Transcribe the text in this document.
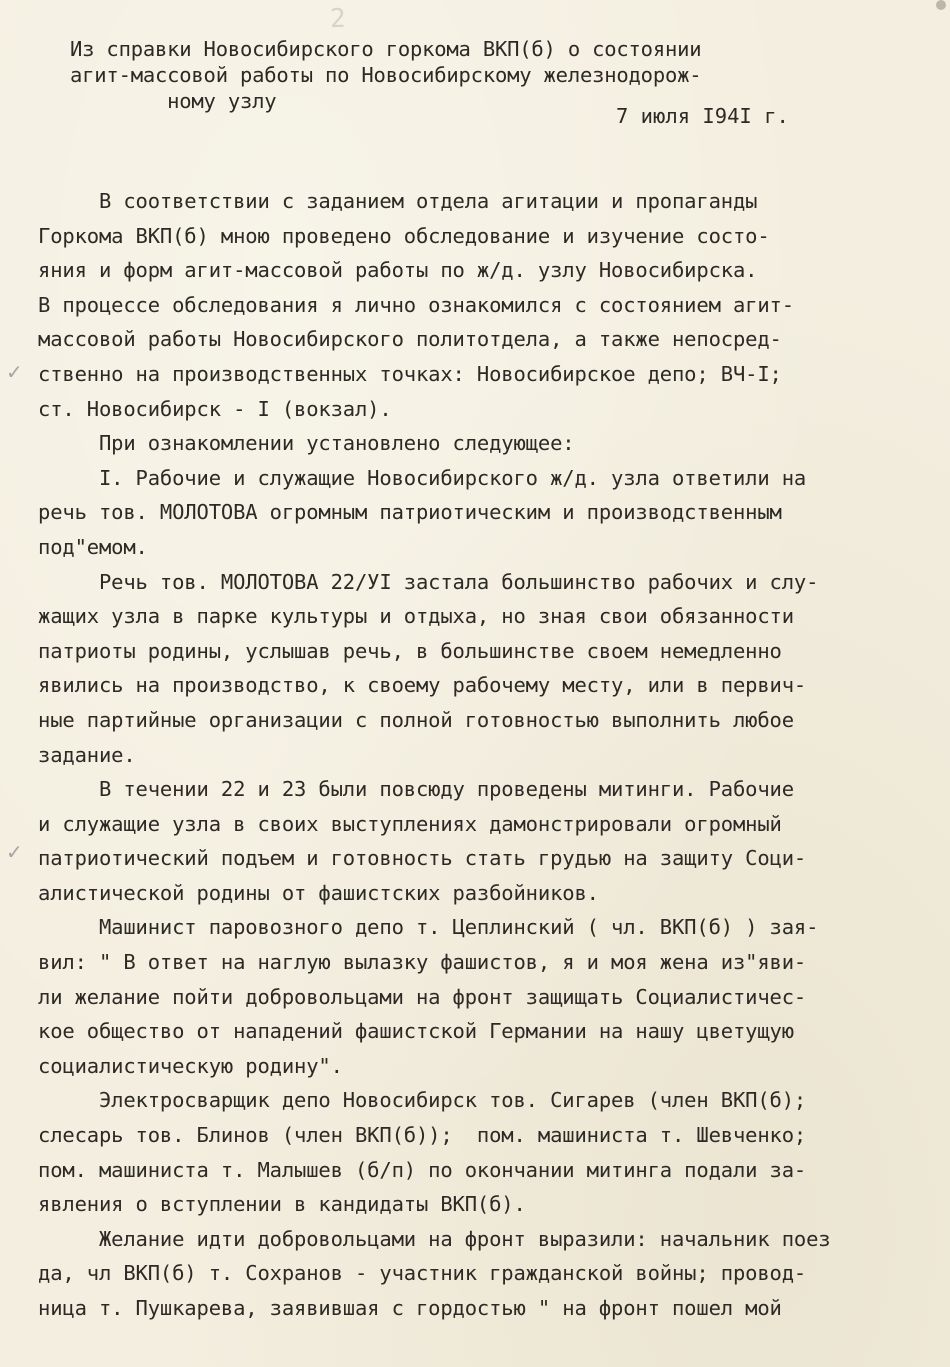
2
Из справки Новосибирского горкома ВКП(б) о состоянии
агит-массовой работы по Новосибирскому железнодорож-
ному узлу
7 июля I94I г.
В соответствии с заданием отдела агитации и пропаганды
Горкома ВКП(б) мною проведено обследование и изучение состо-
яния и форм агит-массовой работы по ж/д. узлу Новосибирска.
В процессе обследования я лично ознакомился с состоянием агит-
массовой работы Новосибирского политотдела, а также непосред-
ственно на производственных точках: Новосибирское депо; ВЧ-I;
ст. Новосибирск - I (вокзал).
При ознакомлении установлено следующее:
I. Рабочие и служащие Новосибирского ж/д. узла ответили на
речь тов. МОЛОТОВА огромным патриотическим и производственным
под"емом.
Речь тов. МОЛОТОВА 22/УI застала большинство рабочих и слу-
жащих узла в парке культуры и отдыха, но зная свои обязанности
патриоты родины, услышав речь, в большинстве своем немедленно
явились на производство, к своему рабочему месту, или в первич-
ные партийные организации с полной готовностью выполнить любое
задание.
В течении 22 и 23 были повсюду проведены митинги. Рабочие
и служащие узла в своих выступлениях дамонстрировали огромный
патриотический подъем и готовность стать грудью на защиту Соци-
алистической родины от фашистских разбойников.
Машинист паровозного депо т. Цеплинский ( чл. ВКП(б) ) зая-
вил: " В ответ на наглую вылазку фашистов, я и моя жена из"яви-
ли желание пойти добровольцами на фронт защищать Социалистичес-
кое общество от нападений фашистской Германии на нашу цветущую
социалистическую родину".
Электросварщик депо Новосибирск тов. Сигарев (член ВКП(б);
слесарь тов. Блинов (член ВКП(б));  пом. машиниста т. Шевченко;
пом. машиниста т. Малышев (б/п) по окончании митинга подали за-
явления о вступлении в кандидаты ВКП(б).
Желание идти добровольцами на фронт выразили: начальник поез
да, чл ВКП(б) т. Сохранов - участник гражданской войны; провод-
ница т. Пушкарева, заявившая с гордостью " на фронт пошел мой
✓
✓
